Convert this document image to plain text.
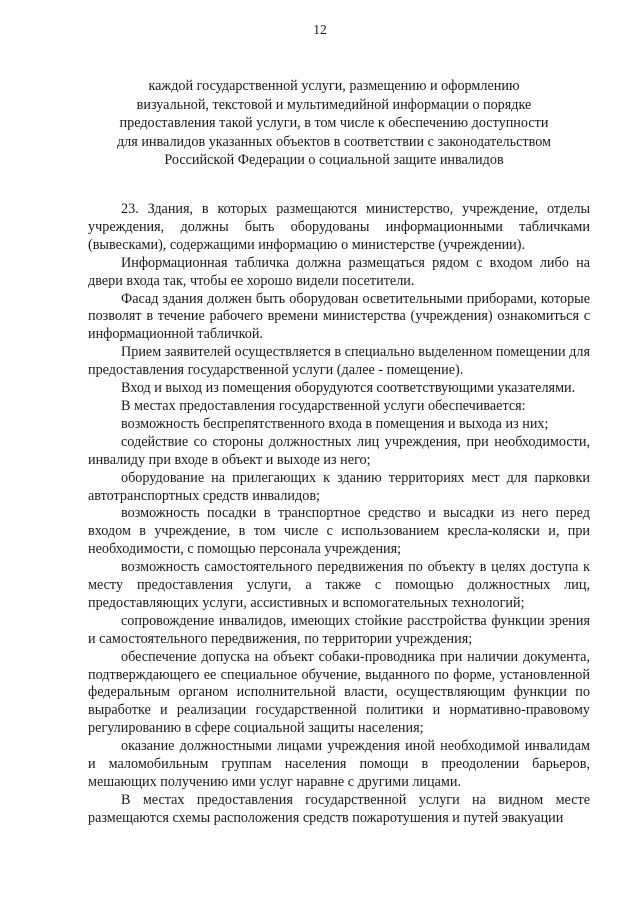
12
каждой государственной услуги, размещению и оформлению визуальной, текстовой и мультимедийной информации о порядке предоставления такой услуги, в том числе к обеспечению доступности для инвалидов указанных объектов в соответствии с законодательством Российской Федерации о социальной защите инвалидов

23. Здания, в которых размещаются министерство, учреждение, отделы учреждения, должны быть оборудованы информационными табличками (вывесками), содержащими информацию о министерстве (учреждении).

Информационная табличка должна размещаться рядом с входом либо на двери входа так, чтобы ее хорошо видели посетители.

Фасад здания должен быть оборудован осветительными приборами, которые позволят в течение рабочего времени министерства (учреждения) ознакомиться с информационной табличкой.

Прием заявителей осуществляется в специально выделенном помещении для предоставления государственной услуги (далее - помещение).

Вход и выход из помещения оборудуются соответствующими указателями.

В местах предоставления государственной услуги обеспечивается:

возможность беспрепятственного входа в помещения и выхода из них;

содействие со стороны должностных лиц учреждения, при необходимости, инвалиду при входе в объект и выходе из него;

оборудование на прилегающих к зданию территориях мест для парковки автотранспортных средств инвалидов;

возможность посадки в транспортное средство и высадки из него перед входом в учреждение, в том числе с использованием кресла-коляски и, при необходимости, с помощью персонала учреждения;

возможность самостоятельного передвижения по объекту в целях доступа к месту предоставления услуги, а также с помощью должностных лиц, предоставляющих услуги, ассистивных и вспомогательных технологий;

сопровождение инвалидов, имеющих стойкие расстройства функции зрения и самостоятельного передвижения, по территории учреждения;

обеспечение допуска на объект собаки-проводника при наличии документа, подтверждающего ее специальное обучение, выданного по форме, установленной федеральным органом исполнительной власти, осуществляющим функции по выработке и реализации государственной политики и нормативно-правовому регулированию в сфере социальной защиты населения;

оказание должностными лицами учреждения иной необходимой инвалидам и маломобильным группам населения помощи в преодолении барьеров, мешающих получению ими услуг наравне с другими лицами.

В местах предоставления государственной услуги на видном месте размещаются схемы расположения средств пожаротушения и путей эвакуации
